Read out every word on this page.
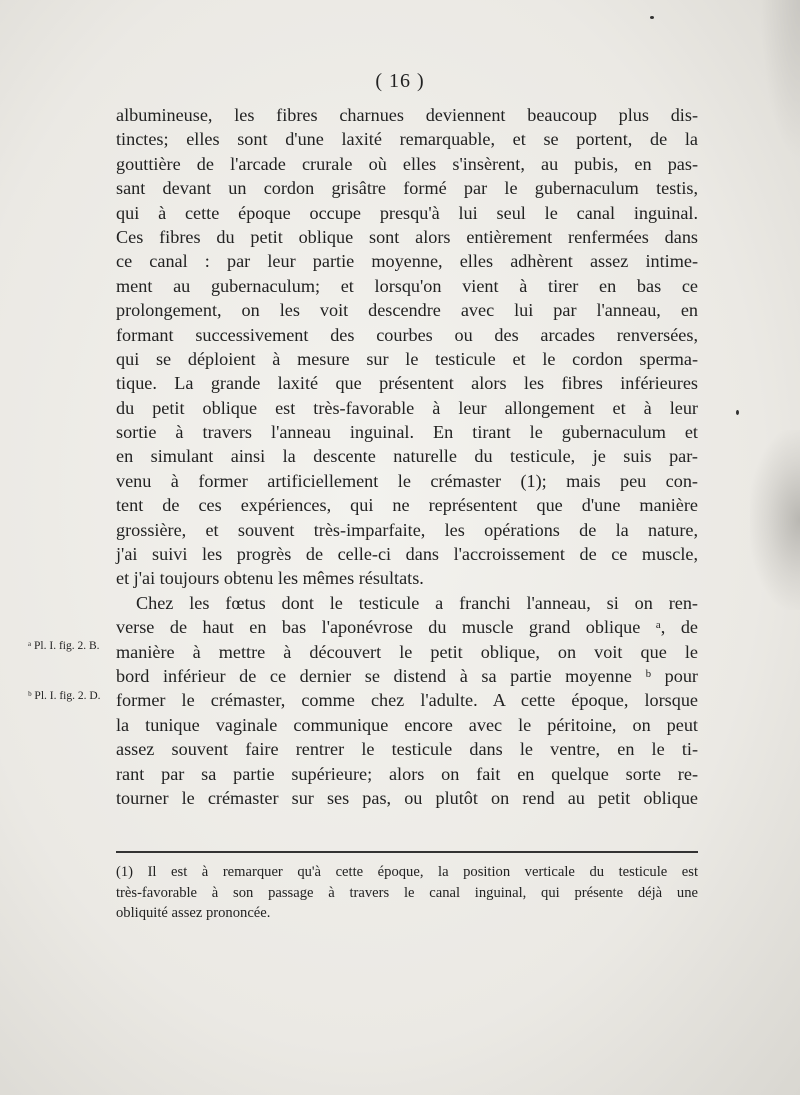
( 16 )
albumineuse, les fibres charnues deviennent beaucoup plus dis-
tinctes; elles sont d'une laxité remarquable, et se portent, de la
gouttière de l'arcade crurale où elles s'insèrent, au pubis, en pas-
sant devant un cordon grisâtre formé par le gubernaculum testis,
qui à cette époque occupe presqu'à lui seul le canal inguinal.
Ces fibres du petit oblique sont alors entièrement renfermées dans
ce canal : par leur partie moyenne, elles adhèrent assez intime-
ment au gubernaculum; et lorsqu'on vient à tirer en bas ce
prolongement, on les voit descendre avec lui par l'anneau, en
formant successivement des courbes ou des arcades renversées,
qui se déploient à mesure sur le testicule et le cordon sperma-
tique. La grande laxité que présentent alors les fibres inférieures
du petit oblique est très-favorable à leur allongement et à leur
sortie à travers l'anneau inguinal. En tirant le gubernaculum et
en simulant ainsi la descente naturelle du testicule, je suis par-
venu à former artificiellement le crémaster (1); mais peu con-
tent de ces expériences, qui ne représentent que d'une manière
grossière, et souvent très-imparfaite, les opérations de la nature,
j'ai suivi les progrès de celle-ci dans l'accroissement de ce muscle,
et j'ai toujours obtenu les mêmes résultats.
Chez les fœtus dont le testicule a franchi l'anneau, si on ren-
verse de haut en bas l'aponévrose du muscle grand oblique ᵃ, de
manière à mettre à découvert le petit oblique, on voit que le
bord inférieur de ce dernier se distend à sa partie moyenne ᵇ pour
former le crémaster, comme chez l'adulte. A cette époque, lorsque
la tunique vaginale communique encore avec le péritoine, on peut
assez souvent faire rentrer le testicule dans le ventre, en le ti-
rant par sa partie supérieure; alors on fait en quelque sorte re-
tourner le crémaster sur ses pas, ou plutôt on rend au petit oblique
ᵃ Pl. I. fig. 2. B.
ᵇ Pl. I. fig. 2. D.
(1) Il est à remarquer qu'à cette époque, la position verticale du testicule est
très-favorable à son passage à travers le canal inguinal, qui présente déjà une
obliquité assez prononcée.
